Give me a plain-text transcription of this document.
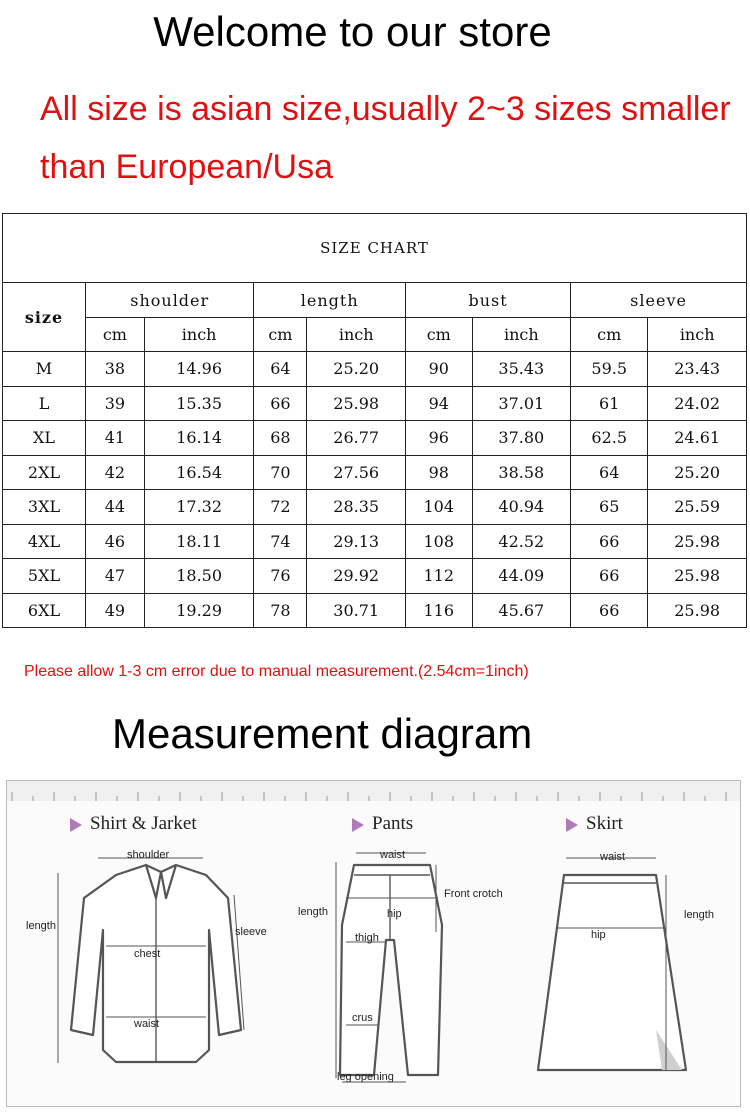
Welcome to our store
All size is asian size,usually 2~3 sizes smaller
than European/Usa
SIZE CHART								
size	shoulder		length		bust		sleeve	
	cm	inch	cm	inch	cm	inch	cm	inch
M	38	14.96	64	25.20	90	35.43	59.5	23.43
L	39	15.35	66	25.98	94	37.01	61	24.02
XL	41	16.14	68	26.77	96	37.80	62.5	24.61
2XL	42	16.54	70	27.56	98	38.58	64	25.20
3XL	44	17.32	72	28.35	104	40.94	65	25.59
4XL	46	18.11	74	29.13	108	42.52	66	25.98
5XL	47	18.50	76	29.92	112	44.09	66	25.98
6XL	49	19.29	78	30.71	116	45.67	66	25.98
Please allow 1-3 cm error due to manual measurement.(2.54cm=1inch)
Measurement diagram
Shirt & Jarket	Pants	Skirt
shoulder
length	sleeve
chest
waist
waist
Front crotch
length	hip
thigh
crus
leg opening
waist
length
hip
